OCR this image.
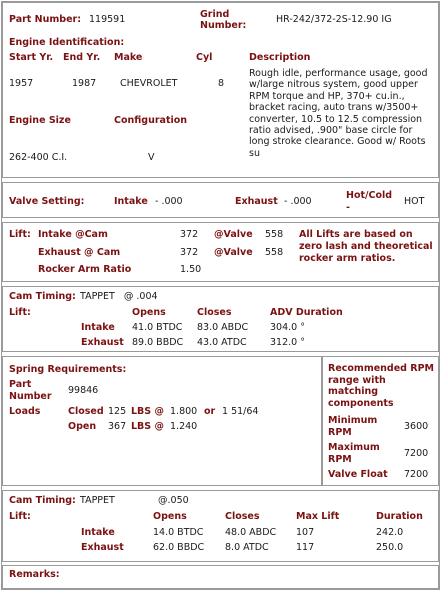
Part Number: 119591	Grind
Number:
HR-242/372-2S-12.90 IG
Engine Identification:
Start Yr. End Yr. Make	Cyl	Description
1957	1987	CHEVROLET	8
Rough idle, performance usage, good w/large nitrous system, good upper RPM torque and HP, 370+ cu.in., bracket racing, auto trans w/3500+ converter, 10.5 to 12.5 compression ratio advised, .900" base circle for long stroke clearance. Good w/ Roots su
Engine Size	Configuration
262-400 C.I.	V
Valve Setting:	Intake - .000	Exhaust - .000
Hot/Cold
-
HOT
Lift: Intake @Cam	372 @Valve 558
Exhaust @ Cam	372 @Valve 558
Rocker Arm Ratio	1.50
All Lifts are based on zero lash and theoretical rocker arm ratios.
Cam Timing: TAPPET   @ .004
Lift:	Opens	Closes	ADV Duration
Intake 41.0 BTDC 83.0 ABDC 304.0 °
Exhaust 89.0 BBDC 43.0 ATDC 312.0 °
Spring Requirements:
Part
Number
99846
Loads	Closed 125 LBS @ 1.800 or 1 51/64
Open 367 LBS @ 1.240
Recommended RPM range with matching components
Minimum
RPM
3600
Maximum
RPM
7200
Valve Float 7200
Cam Timing: TAPPET	@.050
Lift:	Opens	Closes	Max Lift	Duration
Intake	14.0 BTDC 48.0 ABDC 107	242.0
Exhaust	62.0 BBDC 8.0 ATDC	117	250.0
Remarks:
